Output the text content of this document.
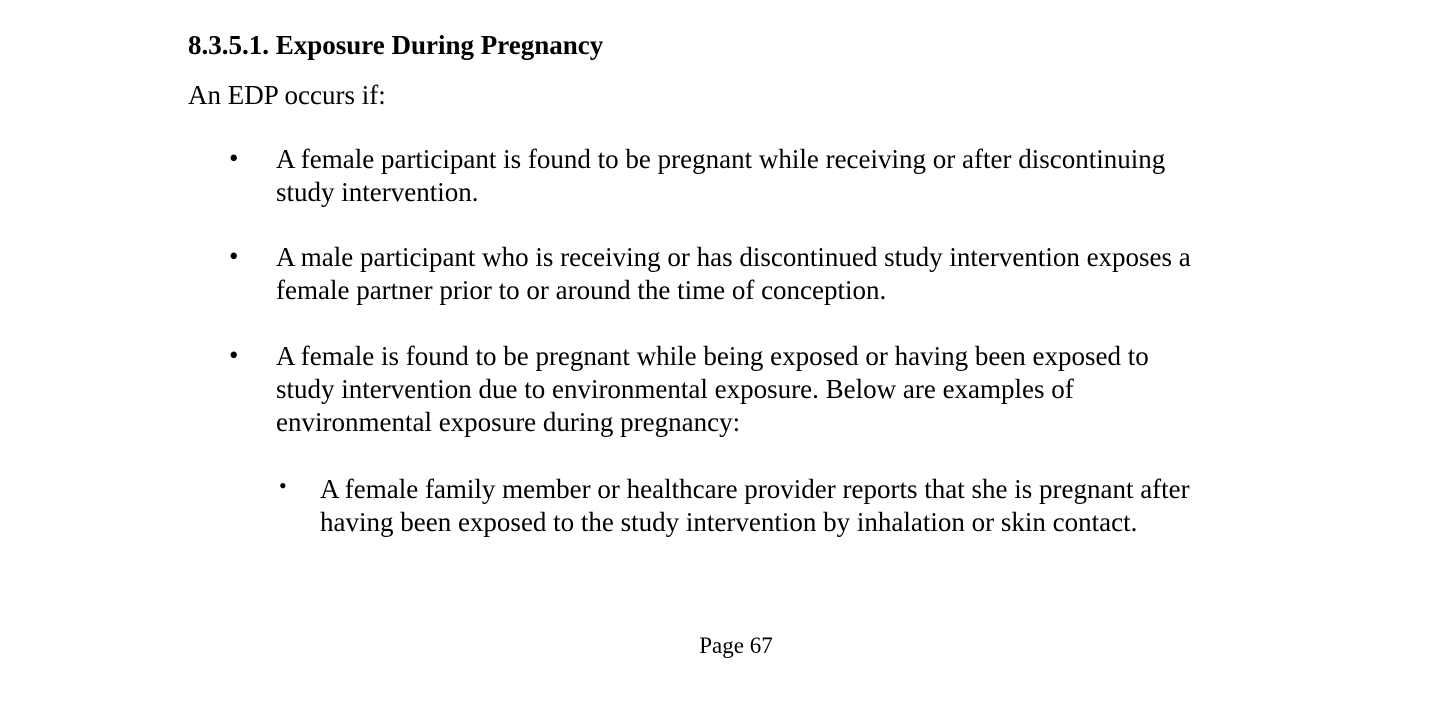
8.3.5.1. Exposure During Pregnancy
An EDP occurs if:
• A female participant is found to be pregnant while receiving or after discontinuing
study intervention.
• A male participant who is receiving or has discontinued study intervention exposes a
female partner prior to or around the time of conception.
• A female is found to be pregnant while being exposed or having been exposed to
study intervention due to environmental exposure. Below are examples of
environmental exposure during pregnancy:
• A female family member or healthcare provider reports that she is pregnant after
having been exposed to the study intervention by inhalation or skin contact.
Page 67
